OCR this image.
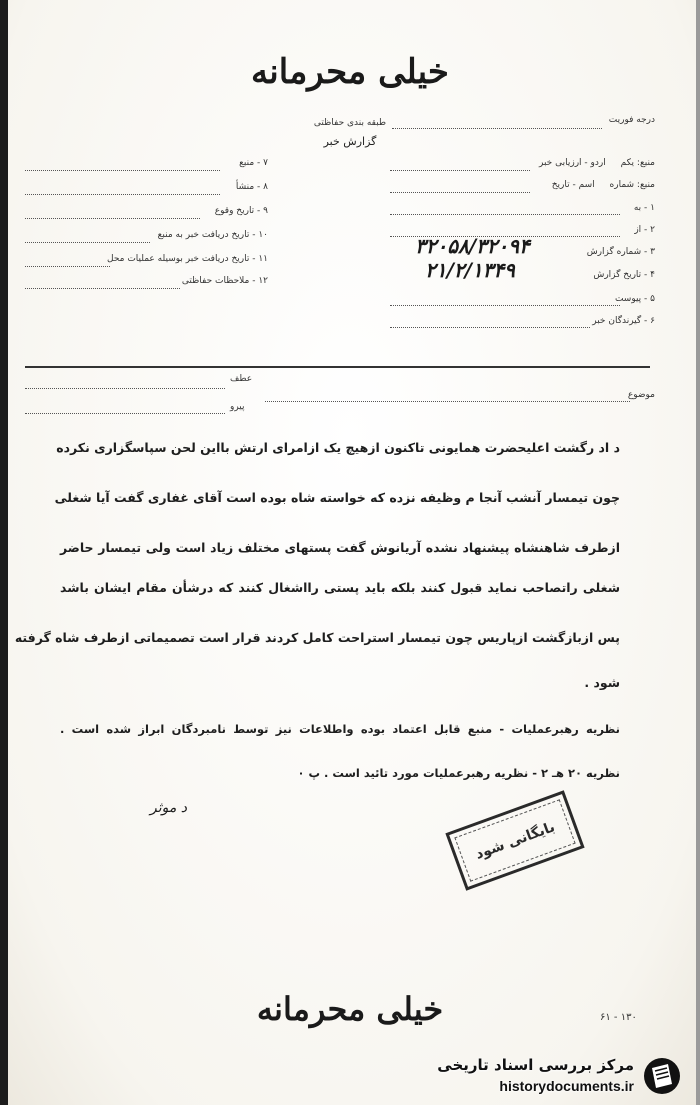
خیلی محرمانه
طبقه بندی حفاظتی
گزارش خبر
درجه فوریت
منبع: یکم اردو - ارزیابی خبر
منبع: شماره اسم - تاریخ
۱ - به
۲ - از
۳ - شماره گزارش
۳۲۰۵۸/۳۲۰۹۴
۴ - تاریخ گزارش
۲۱/۲/۱۳۴۹
۵ - پیوست
۶ - گیرندگان خبر
۷ - منبع
۸ - منشأ
۹ - تاریخ وقوع
۱۰ - تاریخ دریافت خبر به منبع
۱۱ - تاریخ دریافت خبر بوسیله عملیات محل
۱۲ - ملاحظات حفاظتی
موضوع
عطف
پیرو
د اد رگشت اعلیحضرت همایونی تاکنون ازهیچ یک ازامرای ارتش بااین لحن سپاسگزاری نکرده
چون تیمسار آنشب آنجا م وظیفه نزده که خواسته شاه بوده است آقای غفاری گفت آیا شغلی
ازطرف شاهنشاه پیشنهاد نشده آریانوش گفت پستهای مختلف زیاد است ولی تیمسار حاضر
شغلی راتصاحب نماید قبول کنند بلکه باید پستی رااشغال کنند که درشأن مقام ایشان باشد
پس ازبازگشت ازپاریس چون تیمسار استراحت کامل کردند قرار است تصمیماتی ازطرف شاه گرفته
شود .
نظریه رهبرعملیات - منبع قابل اعتماد بوده واطلاعات نیز توسط نامبردگان ابراز شده است .
نظریه ۲۰ هـ ۲ - نظریه رهبرعملیات مورد تائید است . پ ۰
د موثر
بایگانی شود
خیلی محرمانه	۱۳۰ - ۶۱
مرکز بررسی اسناد تاریخی
historydocuments.ir
